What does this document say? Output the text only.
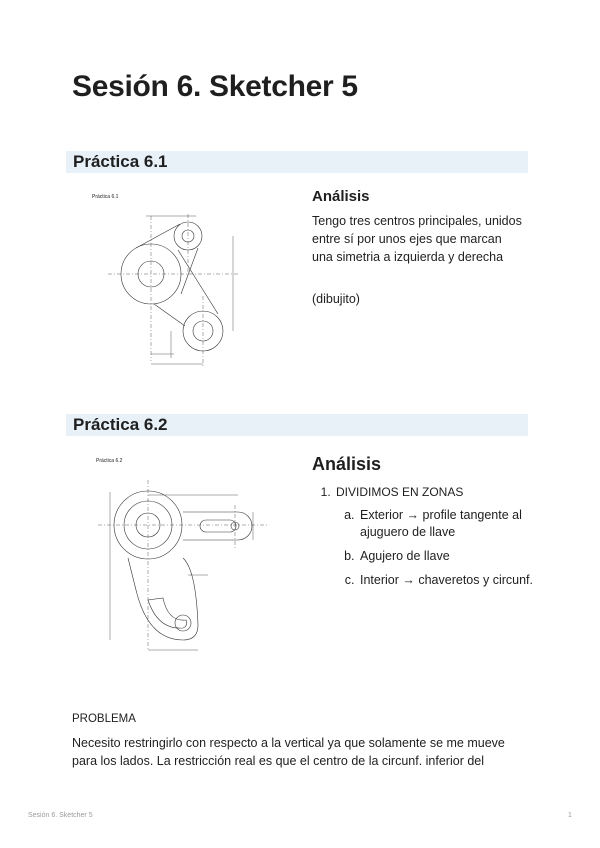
Sesión 6. Sketcher 5
Práctica 6.1
Práctica 6.1	Análisis

Tengo tres centros principales, unidos entre sí por unos ejes que marcan una simetria a izquierda y derecha

(dibujito)

Práctica 6.2
Práctica 6.2	Análisis
1. DIVIDIMOS EN ZONAS
a. Exterior → profile tangente al ajuguero de llave
b. Agujero de llave
c. Interior → chaveretos y circunf.

PROBLEMA

Necesito restringirlo con respecto a la vertical ya que solamente se me mueve para los lados. La restricción real es que el centro de la circunf. inferior del

Sesión 6. Sketcher 5	1
